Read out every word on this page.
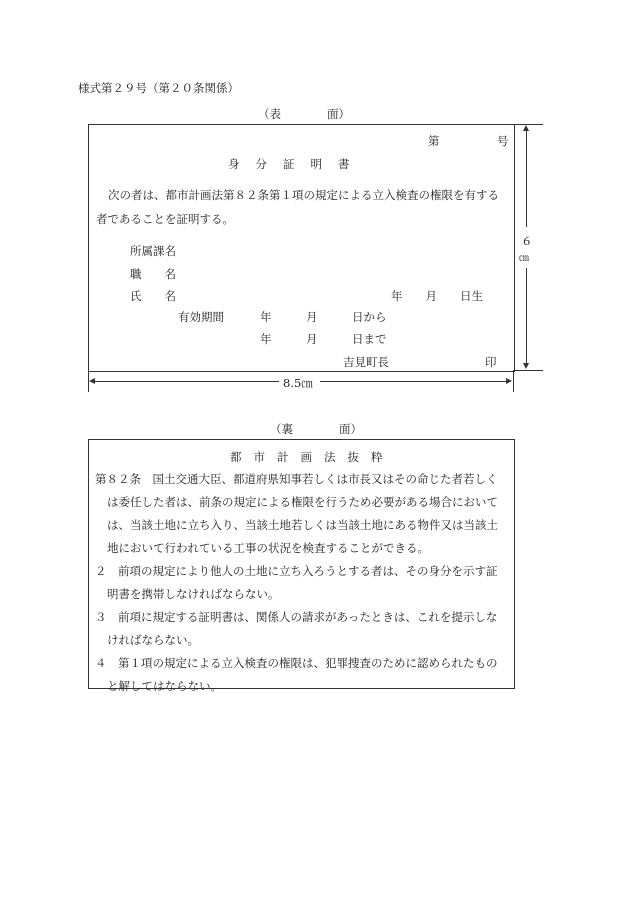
様式第２９号（第２０条関係）
（表　　　　面）
第　　　　　号
身分証明書
次の者は、都市計画法第８２条第１項の規定による立入検査の権限を有する
者であることを証明する。
所属課名
職　　名
氏　　名	年　　月　　日生
有効期間	年　　　月　　　日から
年　　　月　　　日まで
吉見町長	印
６
㎝
8.5㎝
（裏　　　　面）
都市計画法抜粋
第８２条　国土交通大臣、都道府県知事若しくは市長又はその命じた者若しく
は委任した者は、前条の規定による権限を行うため必要がある場合において
は、当該土地に立ち入り、当該土地若しくは当該土地にある物件又は当該土
地において行われている工事の状況を検査することができる。
２　前項の規定により他人の土地に立ち入ろうとする者は、その身分を示す証
明書を携帯しなければならない。
３　前項に規定する証明書は、関係人の請求があったときは、これを提示しな
ければならない。
４　第１項の規定による立入検査の権限は、犯罪捜査のために認められたもの
と解してはならない。
